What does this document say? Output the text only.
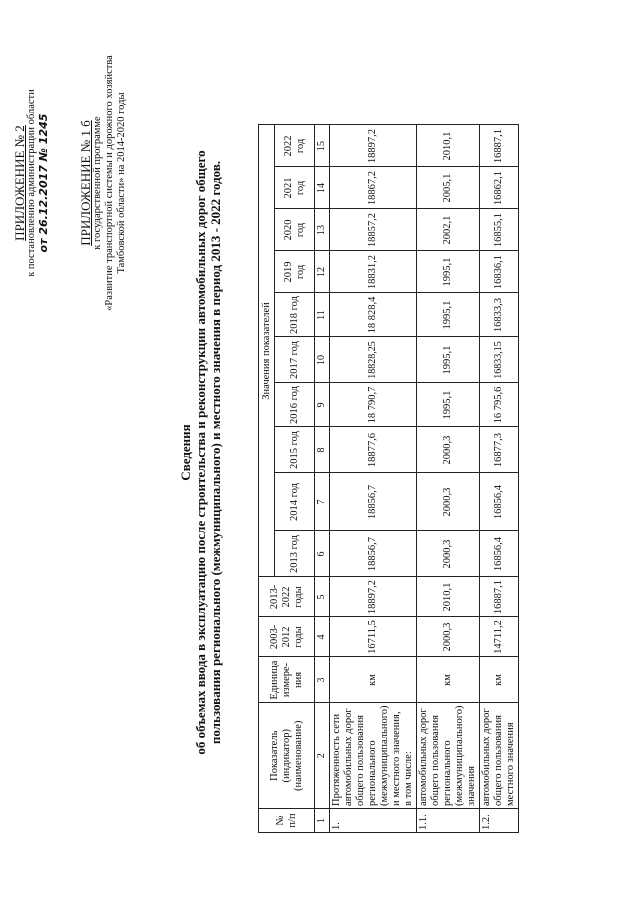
ПРИЛОЖЕНИЕ № 2 к постановлению администрации области от 26.12.2017 № 1245 ПРИЛОЖЕНИЕ № 1 б к государственной программе «Развитие транспортной системы и дорожного хозяйства Тамбовской области» на 2014-2020 годы
Сведения об объемах ввода в эксплуатацию после строительства и реконструкции автомобильных дорог общего пользования регионального (межмуниципального) и местного значения в период 2013 - 2022 годов.
№ п/п	Показатель (индикатор) (наименование)	Единица измере-ния	2003-2012 годы	2013-2022 годы	Значения показателей									
					2013 год	2014 год	2015 год	2016 год	2017 год	2018 год	2019 год	2020 год	2021 год	2022 год
1	2	3	4	5	6	7	8	9	10	11	12	13	14	15
1.	Протяженность сети автомобильных дорог общего пользования регионального (межмуниципального) и местного значения, в том числе:	км	16711,5	18897,2	18856,7	18856,7	18877,6	18 790,7	18828,25	18 828,4	18831,2	18857,2	18867,2	18897,2
1.1.	автомобильных дорог общего пользования регионального (межмуниципального) значения	км	2000,3	2010,1	2000,3	2000,3	2000,3	1995,1	1995,1	1995,1	1995,1	2002,1	2005,1	2010,1
1.2.	автомобильных дорог общего пользования местного значения	км	14711,2	16887,1	16856,4	16856,4	16877,3	16 795,6	16833,15	16833,3	16836,1	16855,1	16862,1	16887,1
